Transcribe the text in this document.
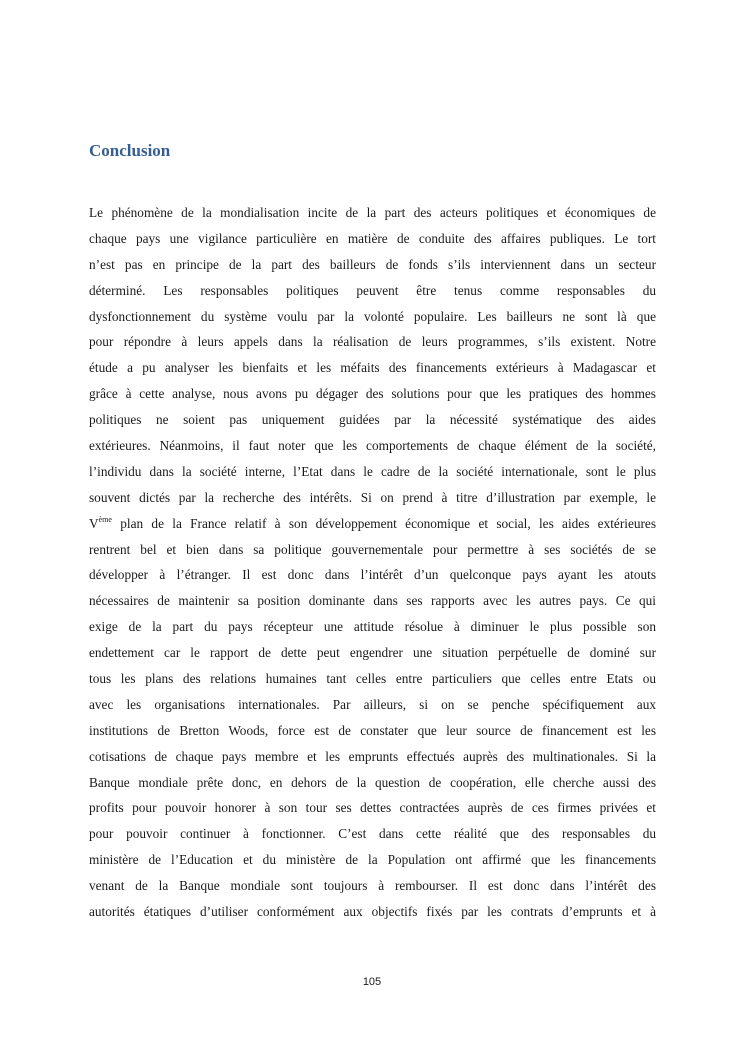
Conclusion
Le phénomène de la mondialisation incite de la part des acteurs politiques et économiques de
chaque pays une vigilance particulière en matière de conduite des affaires publiques. Le tort
n’est pas en principe de la part des bailleurs de fonds s’ils interviennent dans un secteur
déterminé. Les responsables politiques peuvent être tenus comme responsables du
dysfonctionnement du système voulu par la volonté populaire. Les bailleurs ne sont là que
pour répondre à leurs appels dans la réalisation de leurs programmes, s’ils existent. Notre
étude a pu analyser les bienfaits et les méfaits des financements extérieurs à Madagascar et
grâce à cette analyse, nous avons pu dégager des solutions pour que les pratiques des hommes
politiques ne soient pas uniquement guidées par la nécessité systématique des aides
extérieures. Néanmoins, il faut noter que les comportements de chaque élément de la société,
l’individu dans la société interne, l’Etat dans le cadre de la société internationale, sont le plus
souvent dictés par la recherche des intérêts. Si on prend à titre d’illustration par exemple, le
Vème plan de la France relatif à son développement économique et social, les aides extérieures
rentrent bel et bien dans sa politique gouvernementale pour permettre à ses sociétés de se
développer à l’étranger. Il est donc dans l’intérêt d’un quelconque pays ayant les atouts
nécessaires de maintenir sa position dominante dans ses rapports avec les autres pays. Ce qui
exige de la part du pays récepteur une attitude résolue à diminuer le plus possible son
endettement car le rapport de dette peut engendrer une situation perpétuelle de dominé sur
tous les plans des relations humaines tant celles entre particuliers que celles entre Etats ou
avec les organisations internationales. Par ailleurs, si on se penche spécifiquement aux
institutions de Bretton Woods, force est de constater que leur source de financement est les
cotisations de chaque pays membre et les emprunts effectués auprès des multinationales. Si la
Banque mondiale prête donc, en dehors de la question de coopération, elle cherche aussi des
profits pour pouvoir honorer à son tour ses dettes contractées auprès de ces firmes privées et
pour pouvoir continuer à fonctionner. C’est dans cette réalité que des responsables du
ministère de l’Education et du ministère de la Population ont affirmé que les financements
venant de la Banque mondiale sont toujours à rembourser. Il est donc dans l’intérêt des
autorités étatiques d’utiliser conformément aux objectifs fixés par les contrats d’emprunts et à
105
